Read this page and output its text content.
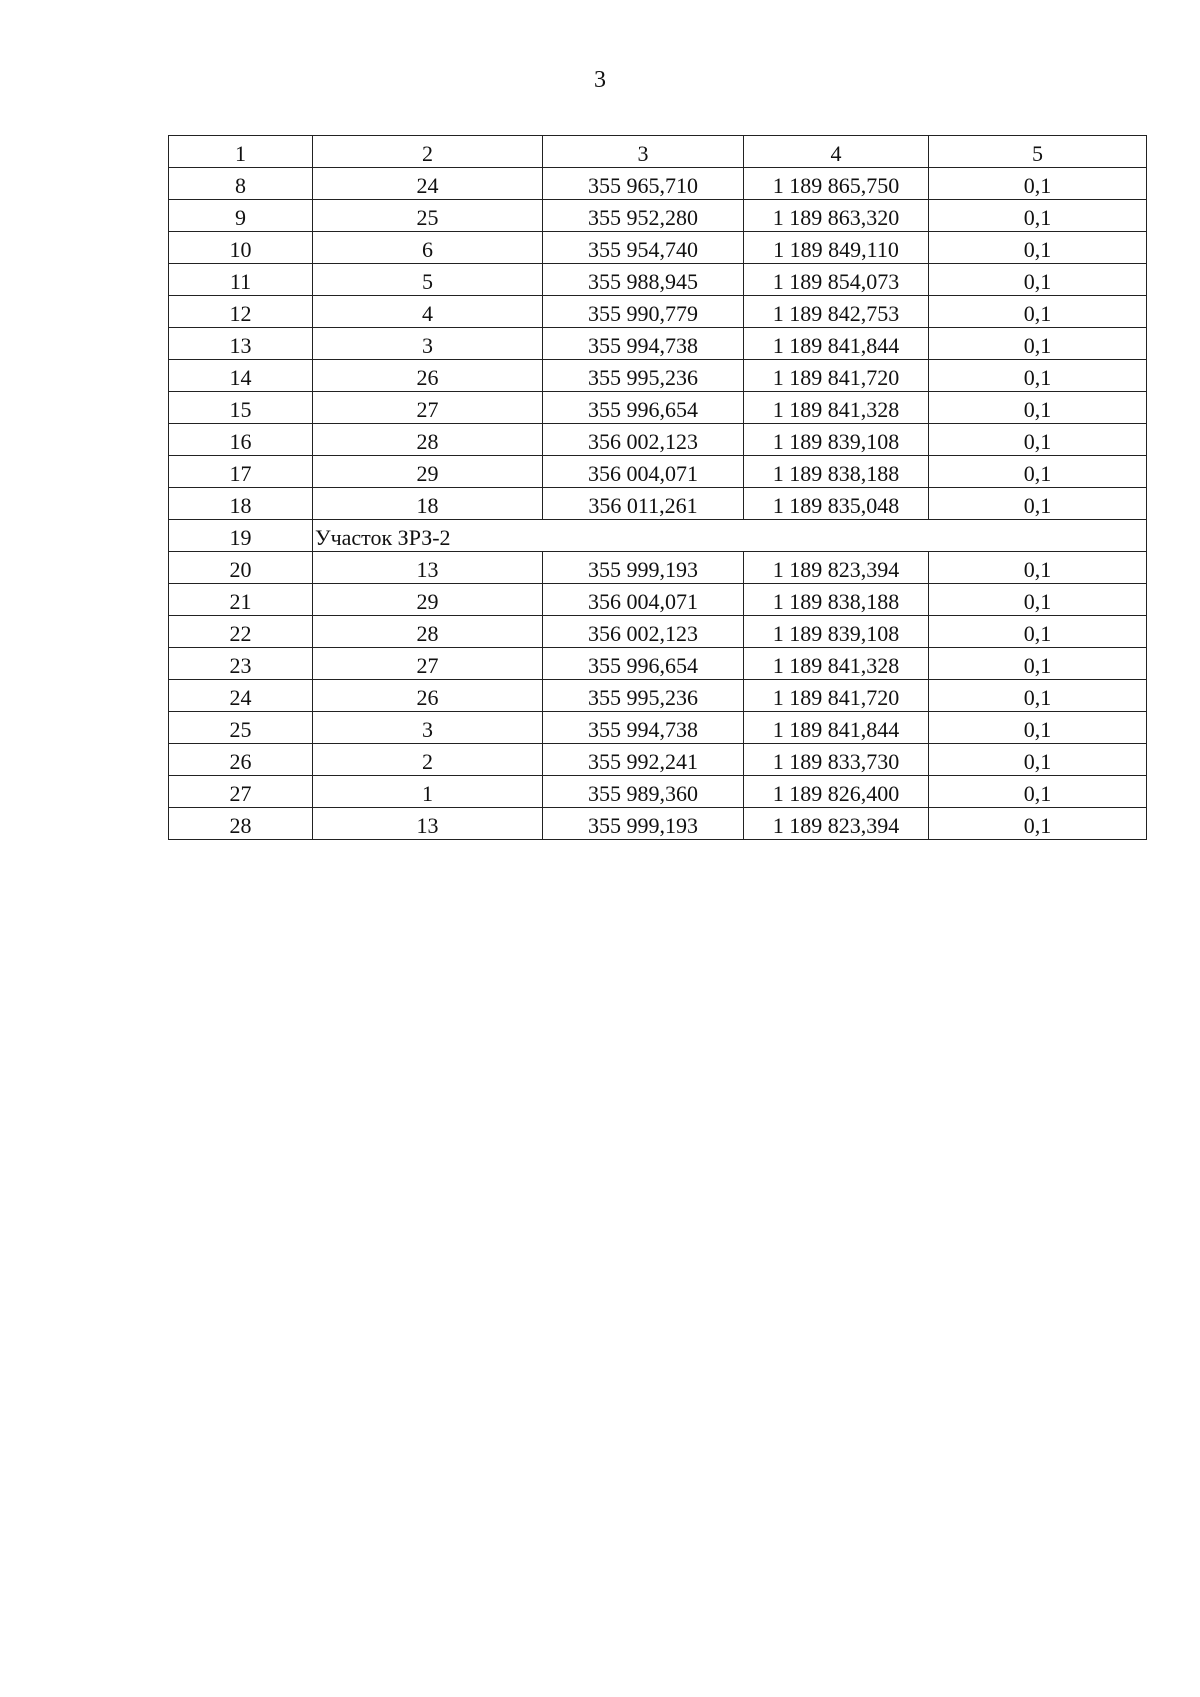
3
1	2	3	4	5
8	24	355 965,710	1 189 865,750	0,1
9	25	355 952,280	1 189 863,320	0,1
10	6	355 954,740	1 189 849,110	0,1
11	5	355 988,945	1 189 854,073	0,1
12	4	355 990,779	1 189 842,753	0,1
13	3	355 994,738	1 189 841,844	0,1
14	26	355 995,236	1 189 841,720	0,1
15	27	355 996,654	1 189 841,328	0,1
16	28	356 002,123	1 189 839,108	0,1
17	29	356 004,071	1 189 838,188	0,1
18	18	356 011,261	1 189 835,048	0,1
19	Участок ЗРЗ-2			
20	13	355 999,193	1 189 823,394	0,1
21	29	356 004,071	1 189 838,188	0,1
22	28	356 002,123	1 189 839,108	0,1
23	27	355 996,654	1 189 841,328	0,1
24	26	355 995,236	1 189 841,720	0,1
25	3	355 994,738	1 189 841,844	0,1
26	2	355 992,241	1 189 833,730	0,1
27	1	355 989,360	1 189 826,400	0,1
28	13	355 999,193	1 189 823,394	0,1
